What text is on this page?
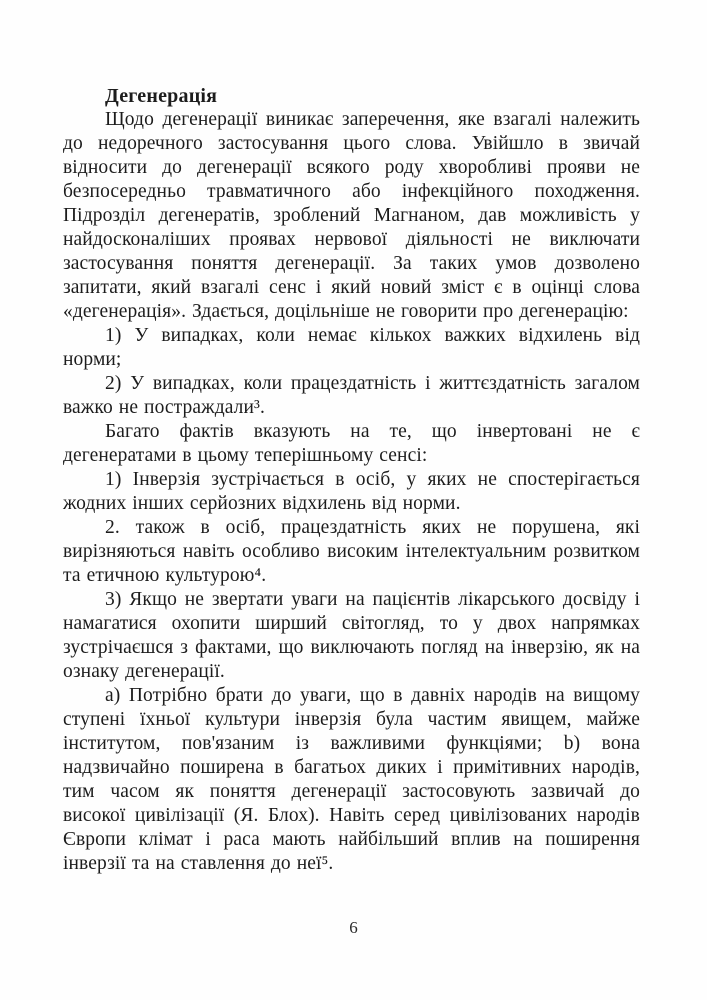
Дегенерація

Щодо дегенерації виникає заперечення, яке взагалі належить до недоречного застосування цього слова. Увійшло в звичай відносити до дегенерації всякого роду хворобливі прояви не безпосередньо травматичного або інфекційного походження. Підрозділ дегенератів, зроблений Магнаном, дав можливість у найдосконаліших проявах нервової діяльності не виключати застосування поняття дегенерації. За таких умов дозволено запитати, який взагалі сенс і який новий зміст є в оцінці слова «дегенерація». Здається, доцільніше не говорити про дегенерацію:

1) У випадках, коли немає кількох важких відхилень від норми;

2) У випадках, коли працездатність і життєздатність загалом важко не постраждали³.

Багато фактів вказують на те, що інвертовані не є дегенератами в цьому теперішньому сенсі:

1) Інверзія зустрічається в осіб, у яких не спостерігається жодних інших серйозних відхилень від норми.

2. також в осіб, працездатність яких не порушена, які вирізняються навіть особливо високим інтелектуальним розвитком та етичною культурою⁴.

3) Якщо не звертати уваги на пацієнтів лікарського досвіду і намагатися охопити ширший світогляд, то у двох напрямках зустрічаєшся з фактами, що виключають погляд на інверзію, як на ознаку дегенерації.

а) Потрібно брати до уваги, що в давніх народів на вищому ступені їхньої культури інверзія була частим явищем, майже інститутом, пов'язаним із важливими функціями; b) вона надзвичайно поширена в багатьох диких і примітивних народів, тим часом як поняття дегенерації застосовують зазвичай до високої цивілізації (Я. Блох). Навіть серед цивілізованих народів Європи клімат і раса мають найбільший вплив на поширення інверзії та на ставлення до неї⁵.

6
